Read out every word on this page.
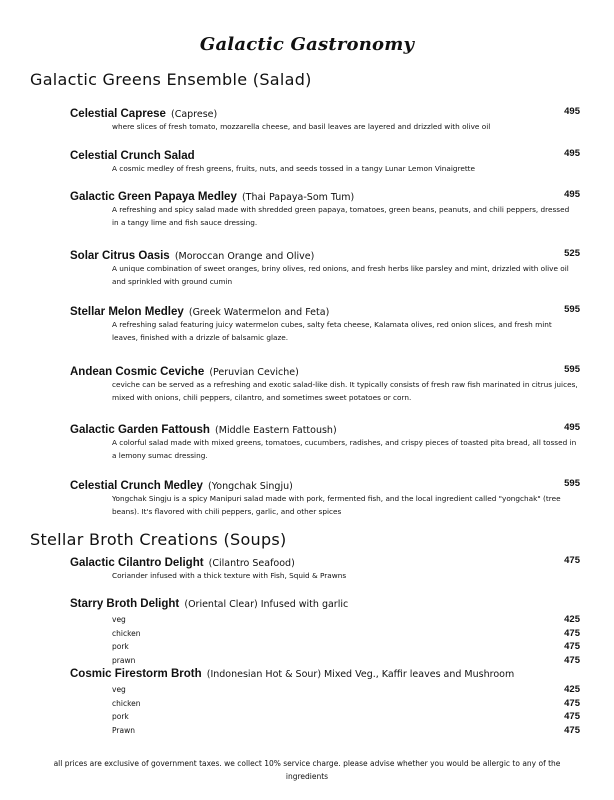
Galactic Gastronomy
Galactic Greens Ensemble (Salad)
Celestial Caprese (Caprese)	495
where slices of fresh tomato, mozzarella cheese, and basil leaves are layered and drizzled with olive oil
Celestial Crunch Salad	495
A cosmic medley of fresh greens, fruits, nuts, and seeds tossed in a tangy Lunar Lemon Vinaigrette
Galactic Green Papaya Medley (Thai Papaya-Som Tum)	495
A refreshing and spicy salad made with shredded green papaya, tomatoes, green beans, peanuts, and chili peppers, dressed in a tangy lime and fish sauce dressing.
Solar Citrus Oasis (Moroccan Orange and Olive)	525
A unique combination of sweet oranges, briny olives, red onions, and fresh herbs like parsley and mint, drizzled with olive oil and sprinkled with ground cumin
Stellar Melon Medley (Greek Watermelon and Feta)	595
A refreshing salad featuring juicy watermelon cubes, salty feta cheese, Kalamata olives, red onion slices, and fresh mint leaves, finished with a drizzle of balsamic glaze.
Andean Cosmic Ceviche (Peruvian Ceviche)	595
ceviche can be served as a refreshing and exotic salad-like dish. It typically consists of fresh raw fish marinated in citrus juices, mixed with onions, chili peppers, cilantro, and sometimes sweet potatoes or corn.
Galactic Garden Fattoush (Middle Eastern Fattoush)	495
A colorful salad made with mixed greens, tomatoes, cucumbers, radishes, and crispy pieces of toasted pita bread, all tossed in a lemony sumac dressing.
Celestial Crunch Medley (Yongchak Singju)	595
Yongchak Singju is a spicy Manipuri salad made with pork, fermented fish, and the local ingredient called "yongchak" (tree beans). It's flavored with chili peppers, garlic, and other spices
Stellar Broth Creations (Soups)
Galactic Cilantro Delight (Cilantro Seafood)	475
Coriander infused with a thick texture with Fish, Squid & Prawns
Starry Broth Delight (Oriental Clear) Infused with garlic
veg	425
chicken	475
pork	475
prawn	475
Cosmic Firestorm Broth (Indonesian Hot & Sour) Mixed Veg., Kaffir leaves and Mushroom
veg	425
chicken	475
pork	475
Prawn	475
all prices are exclusive of government taxes. we collect 10% service charge. please advise whether you would be allergic to any of the ingredients
